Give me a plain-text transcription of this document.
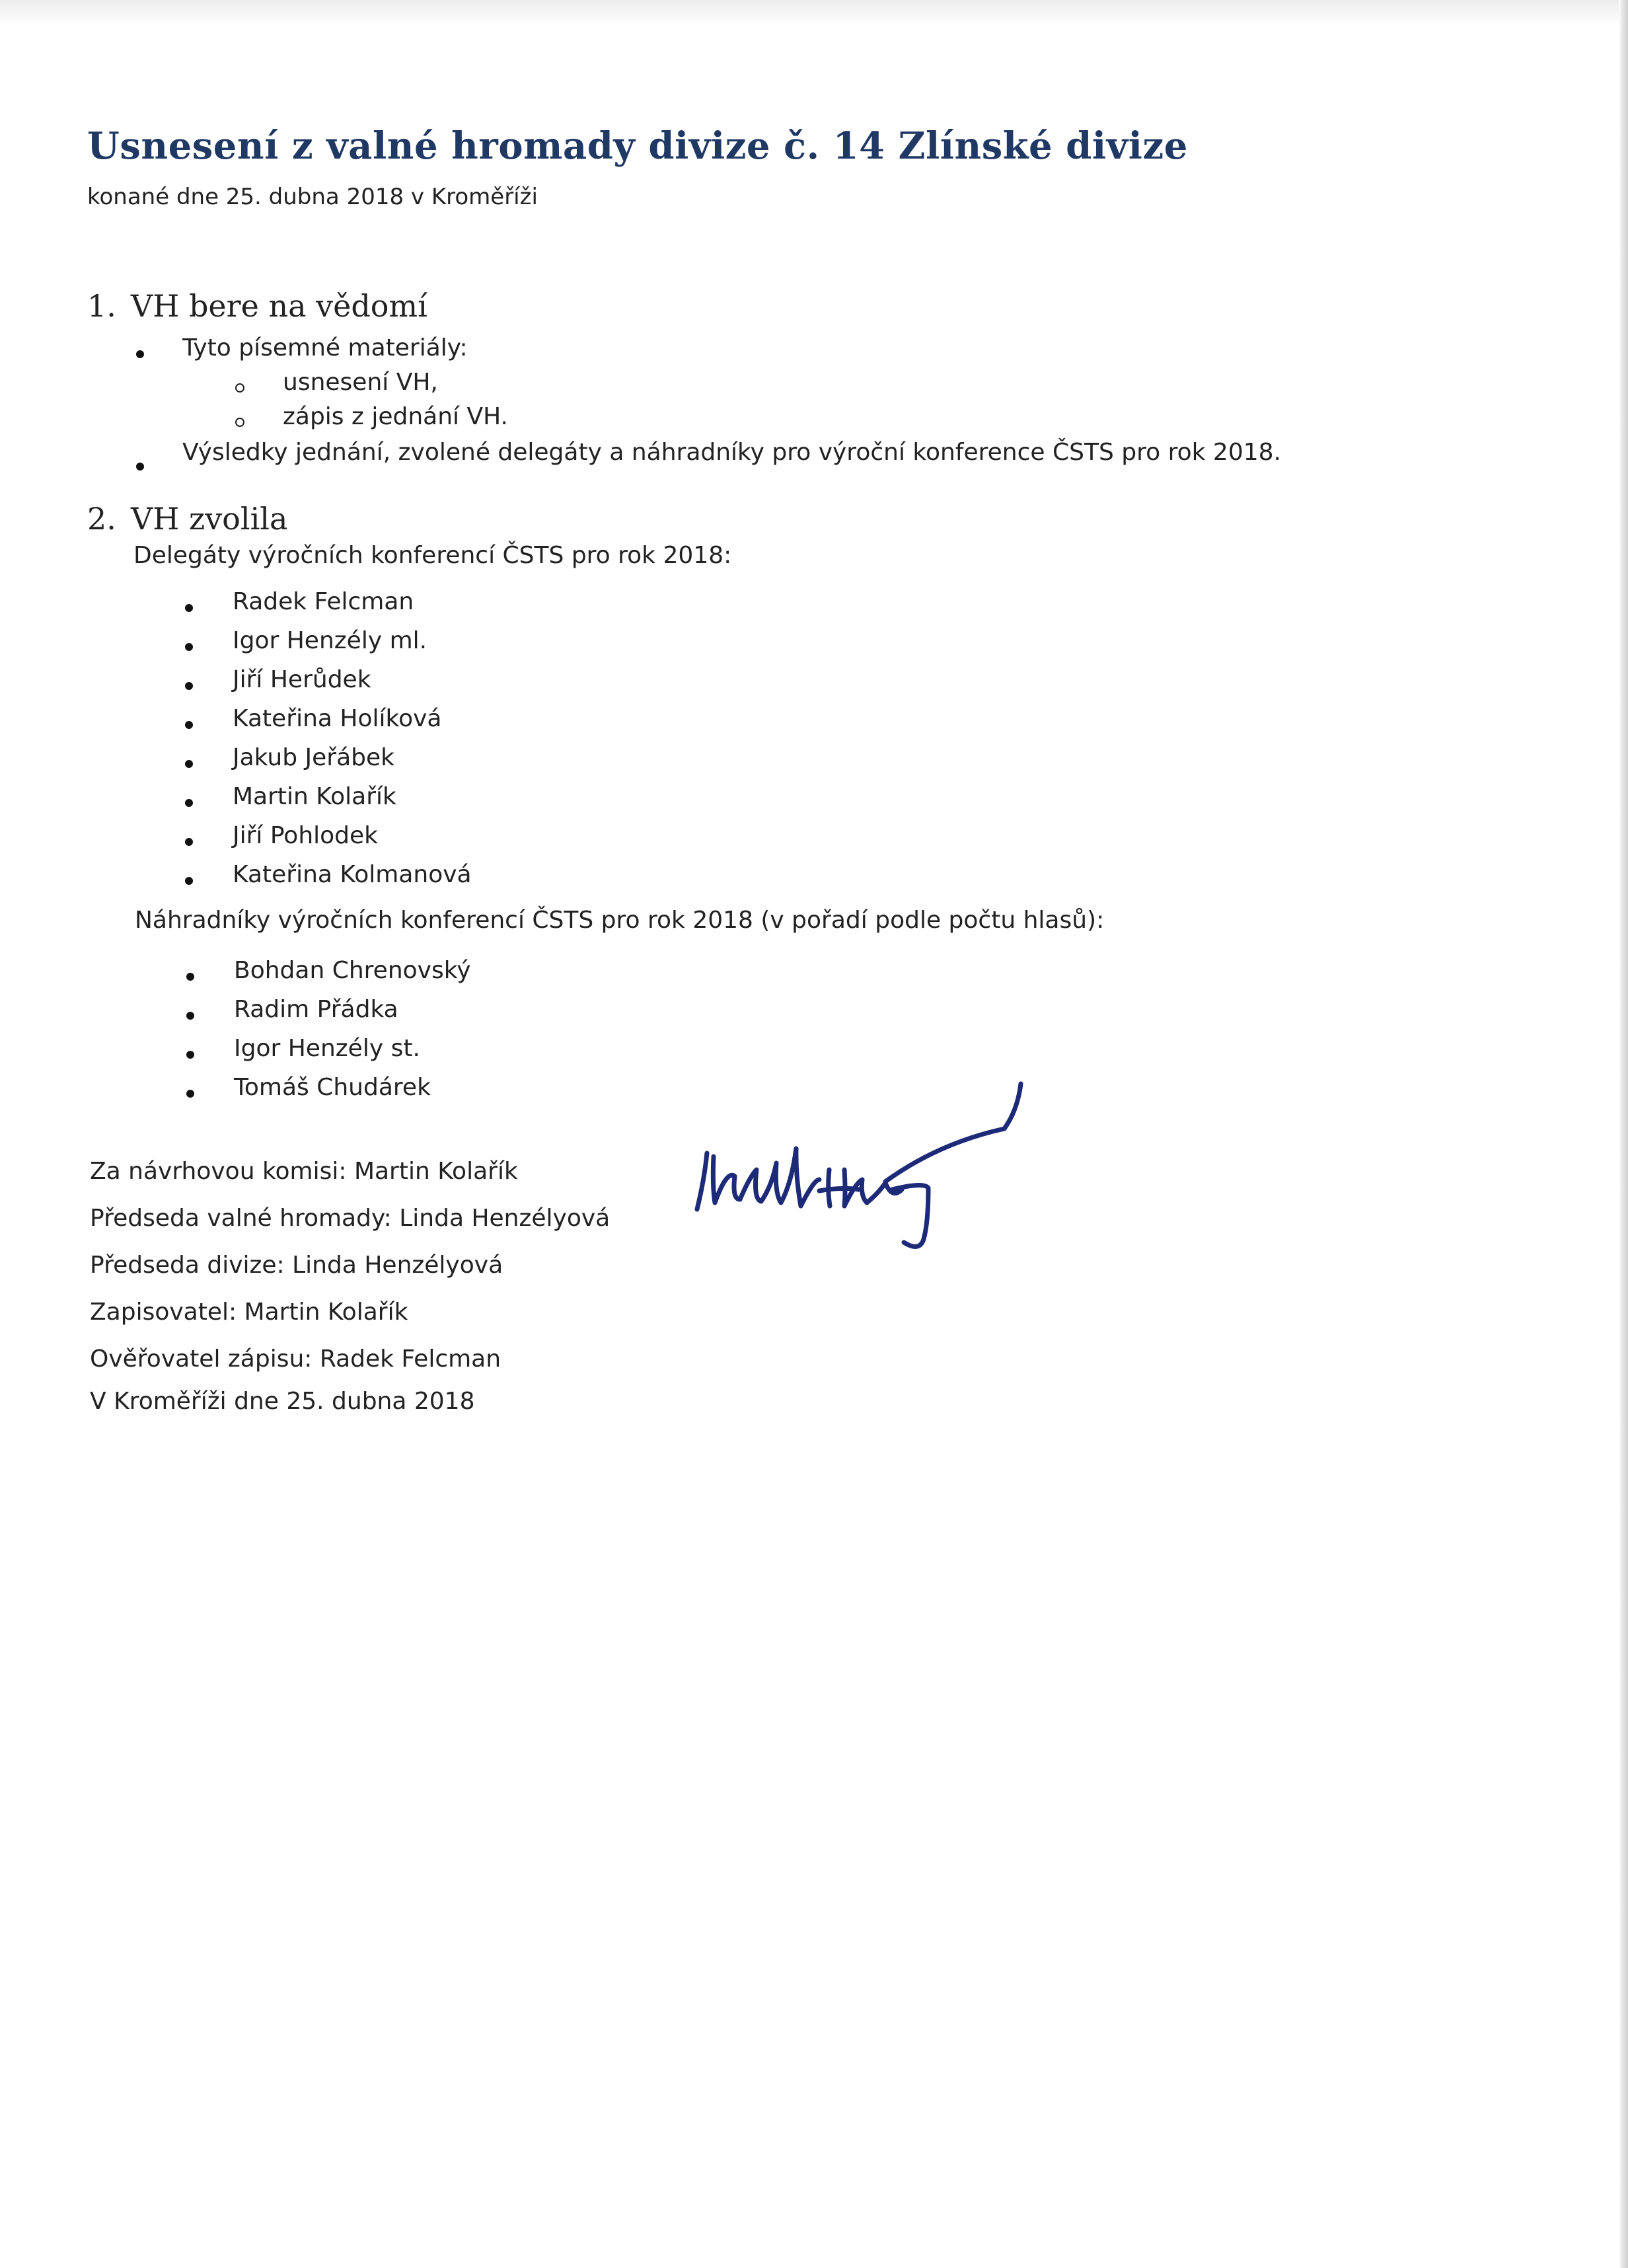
Usnesení z valné hromady divize č. 14 Zlínské divize
konané dne 25. dubna 2018 v Kroměříži
1. VH bere na vědomí
Tyto písemné materiály:
usnesení VH,
zápis z jednání VH.
Výsledky jednání, zvolené delegáty a náhradníky pro výroční konference ČSTS pro rok 2018.
2. VH zvolila
Delegáty výročních konferencí ČSTS pro rok 2018:
Radek Felcman
Igor Henzély ml.
Jiří Herůdek
Kateřina Holíková
Jakub Jeřábek
Martin Kolařík
Jiří Pohlodek
Kateřina Kolmanová
Náhradníky výročních konferencí ČSTS pro rok 2018 (v pořadí podle počtu hlasů):
Bohdan Chrenovský
Radim Přádka
Igor Henzély st.
Tomáš Chudárek
Za návrhovou komisi: Martin Kolařík
Předseda valné hromady: Linda Henzélyová
Předseda divize: Linda Henzélyová
Zapisovatel: Martin Kolařík
Ověřovatel zápisu: Radek Felcman
V Kroměříži dne 25. dubna 2018
